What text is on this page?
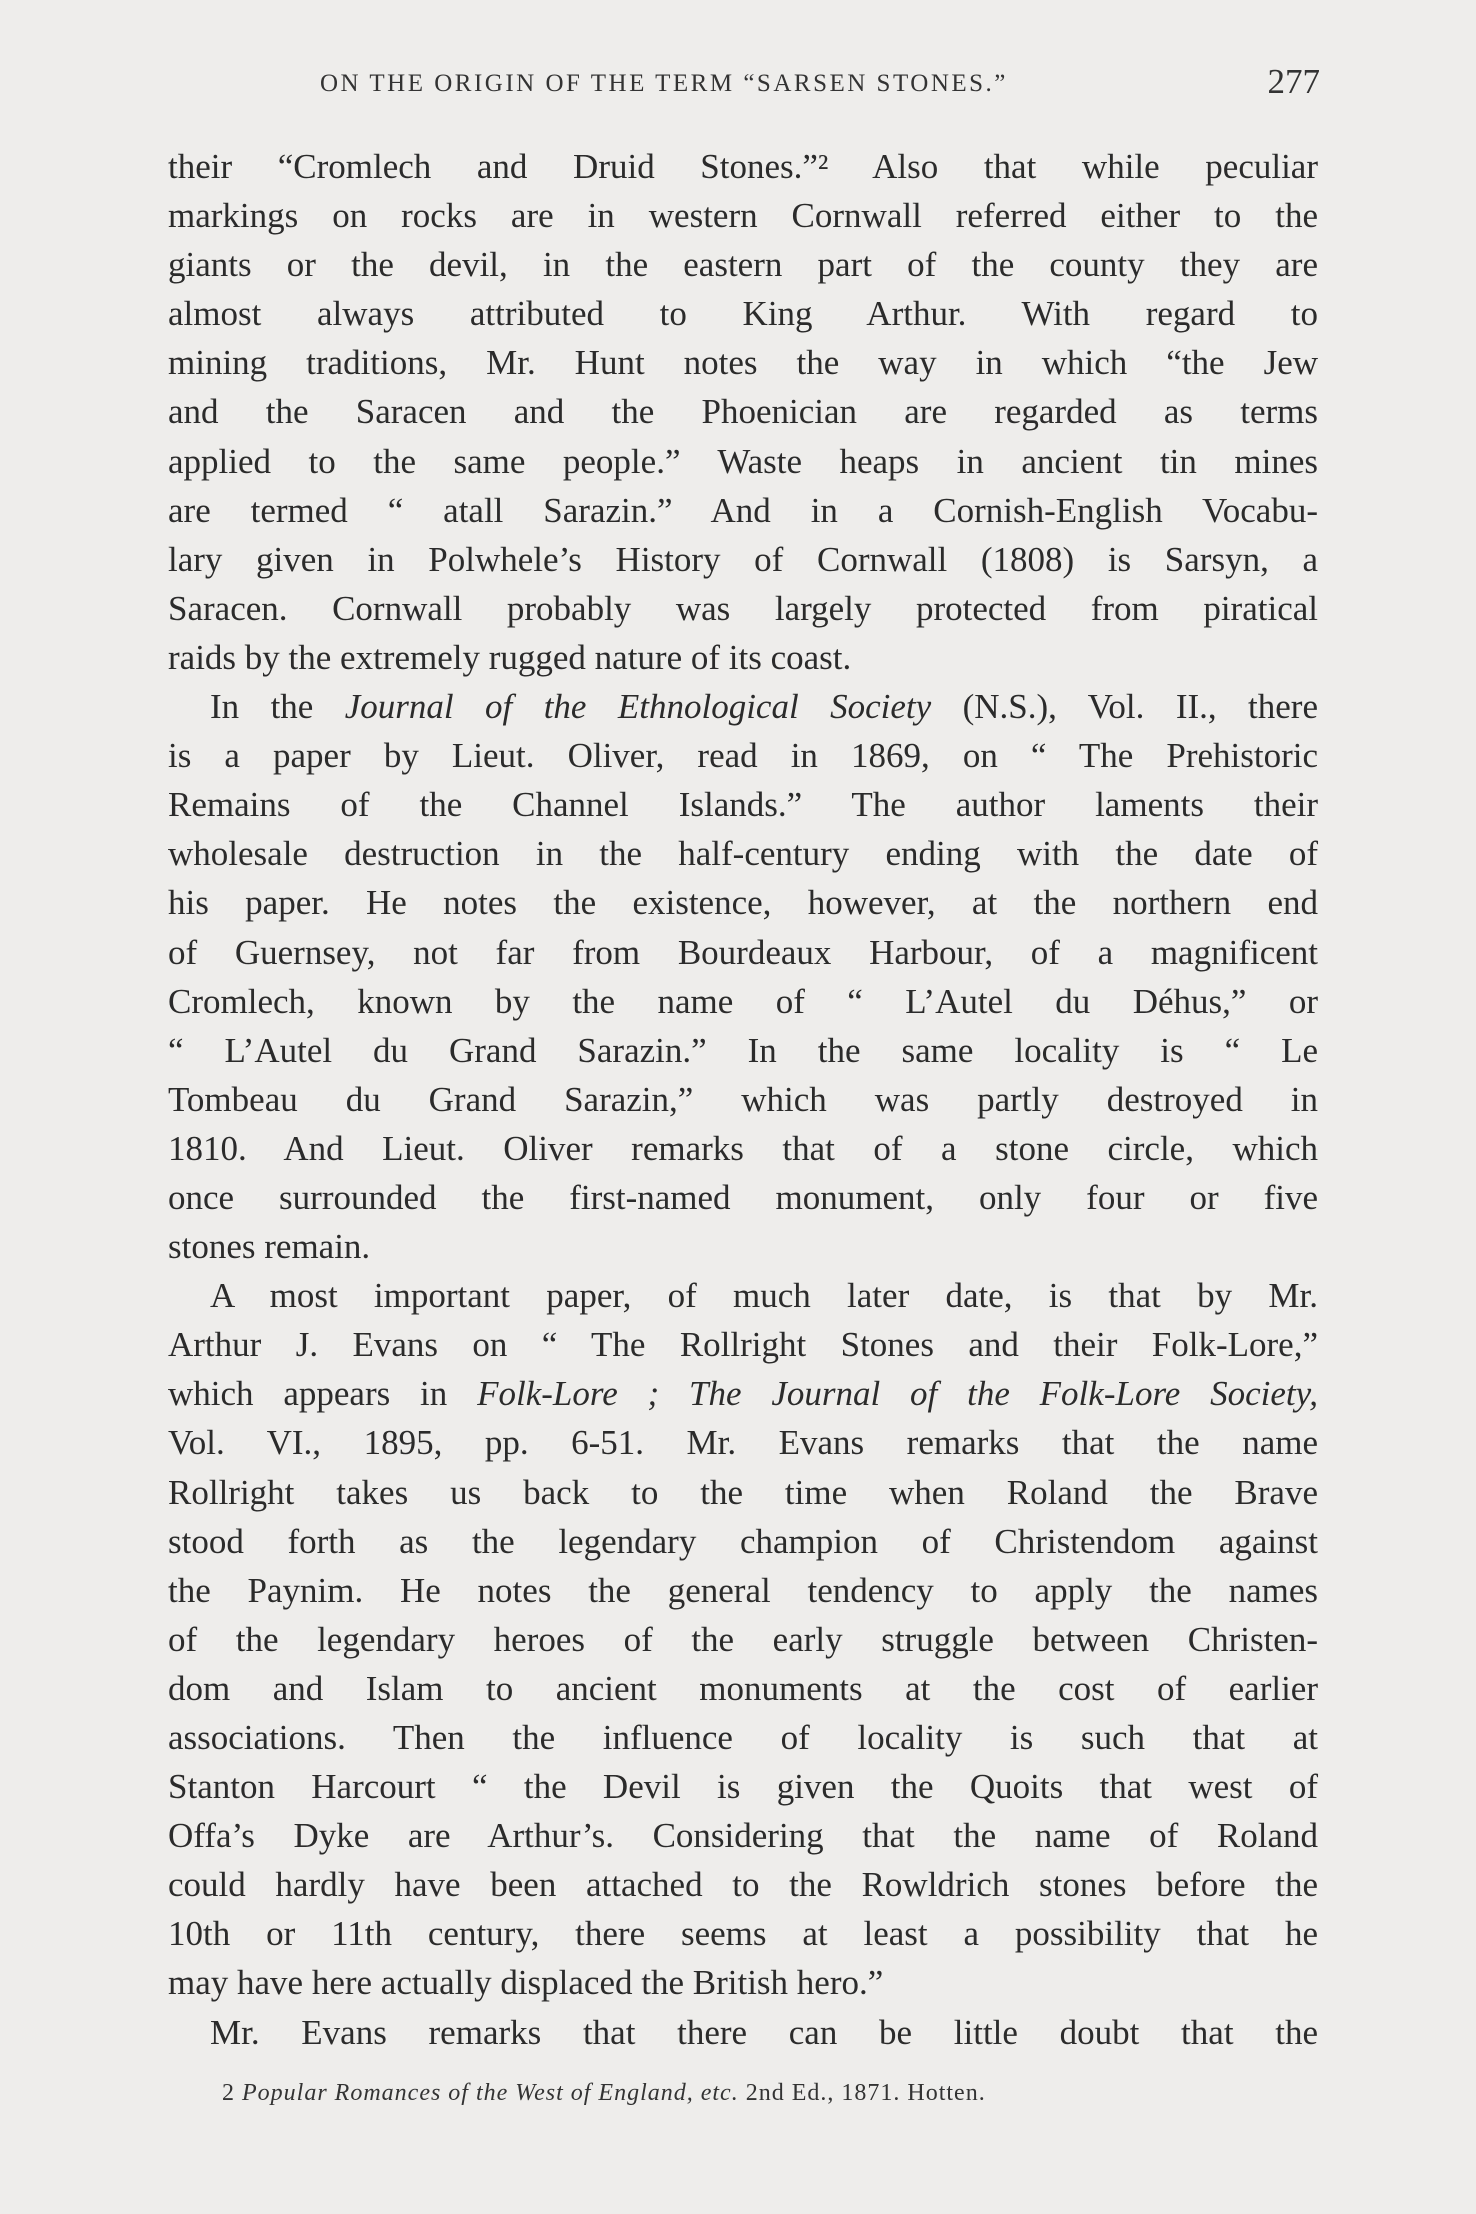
ON THE ORIGIN OF THE TERM “SARSEN STONES.”	277
their “Cromlech and Druid Stones.”² Also that while peculiar
markings on rocks are in western Cornwall referred either to the
giants or the devil, in the eastern part of the county they are
almost always attributed to King Arthur. With regard to
mining traditions, Mr. Hunt notes the way in which “the Jew
and the Saracen and the Phoenician are regarded as terms
applied to the same people.” Waste heaps in ancient tin mines
are termed “ atall Sarazin.” And in a Cornish-English Vocabu-
lary given in Polwhele’s History of Cornwall (1808) is Sarsyn, a
Saracen. Cornwall probably was largely protected from piratical
raids by the extremely rugged nature of its coast.
In the Journal of the Ethnological Society (N.S.), Vol. II., there
is a paper by Lieut. Oliver, read in 1869, on “ The Prehistoric
Remains of the Channel Islands.” The author laments their
wholesale destruction in the half-century ending with the date of
his paper. He notes the existence, however, at the northern end
of Guernsey, not far from Bourdeaux Harbour, of a magnificent
Cromlech, known by the name of “ L’Autel du Déhus,” or
“ L’Autel du Grand Sarazin.” In the same locality is “ Le
Tombeau du Grand Sarazin,” which was partly destroyed in
1810. And Lieut. Oliver remarks that of a stone circle, which
once surrounded the first-named monument, only four or five
stones remain.
A most important paper, of much later date, is that by Mr.
Arthur J. Evans on “ The Rollright Stones and their Folk-Lore,”
which appears in Folk-Lore ; The Journal of the Folk-Lore Society,
Vol. VI., 1895, pp. 6-51. Mr. Evans remarks that the name
Rollright takes us back to the time when Roland the Brave
stood forth as the legendary champion of Christendom against
the Paynim. He notes the general tendency to apply the names
of the legendary heroes of the early struggle between Christen-
dom and Islam to ancient monuments at the cost of earlier
associations. Then the influence of locality is such that at
Stanton Harcourt “ the Devil is given the Quoits that west of
Offa’s Dyke are Arthur’s. Considering that the name of Roland
could hardly have been attached to the Rowldrich stones before the
10th or 11th century, there seems at least a possibility that he
may have here actually displaced the British hero.”
Mr. Evans remarks that there can be little doubt that the
2 Popular Romances of the West of England, etc. 2nd Ed., 1871. Hotten.
